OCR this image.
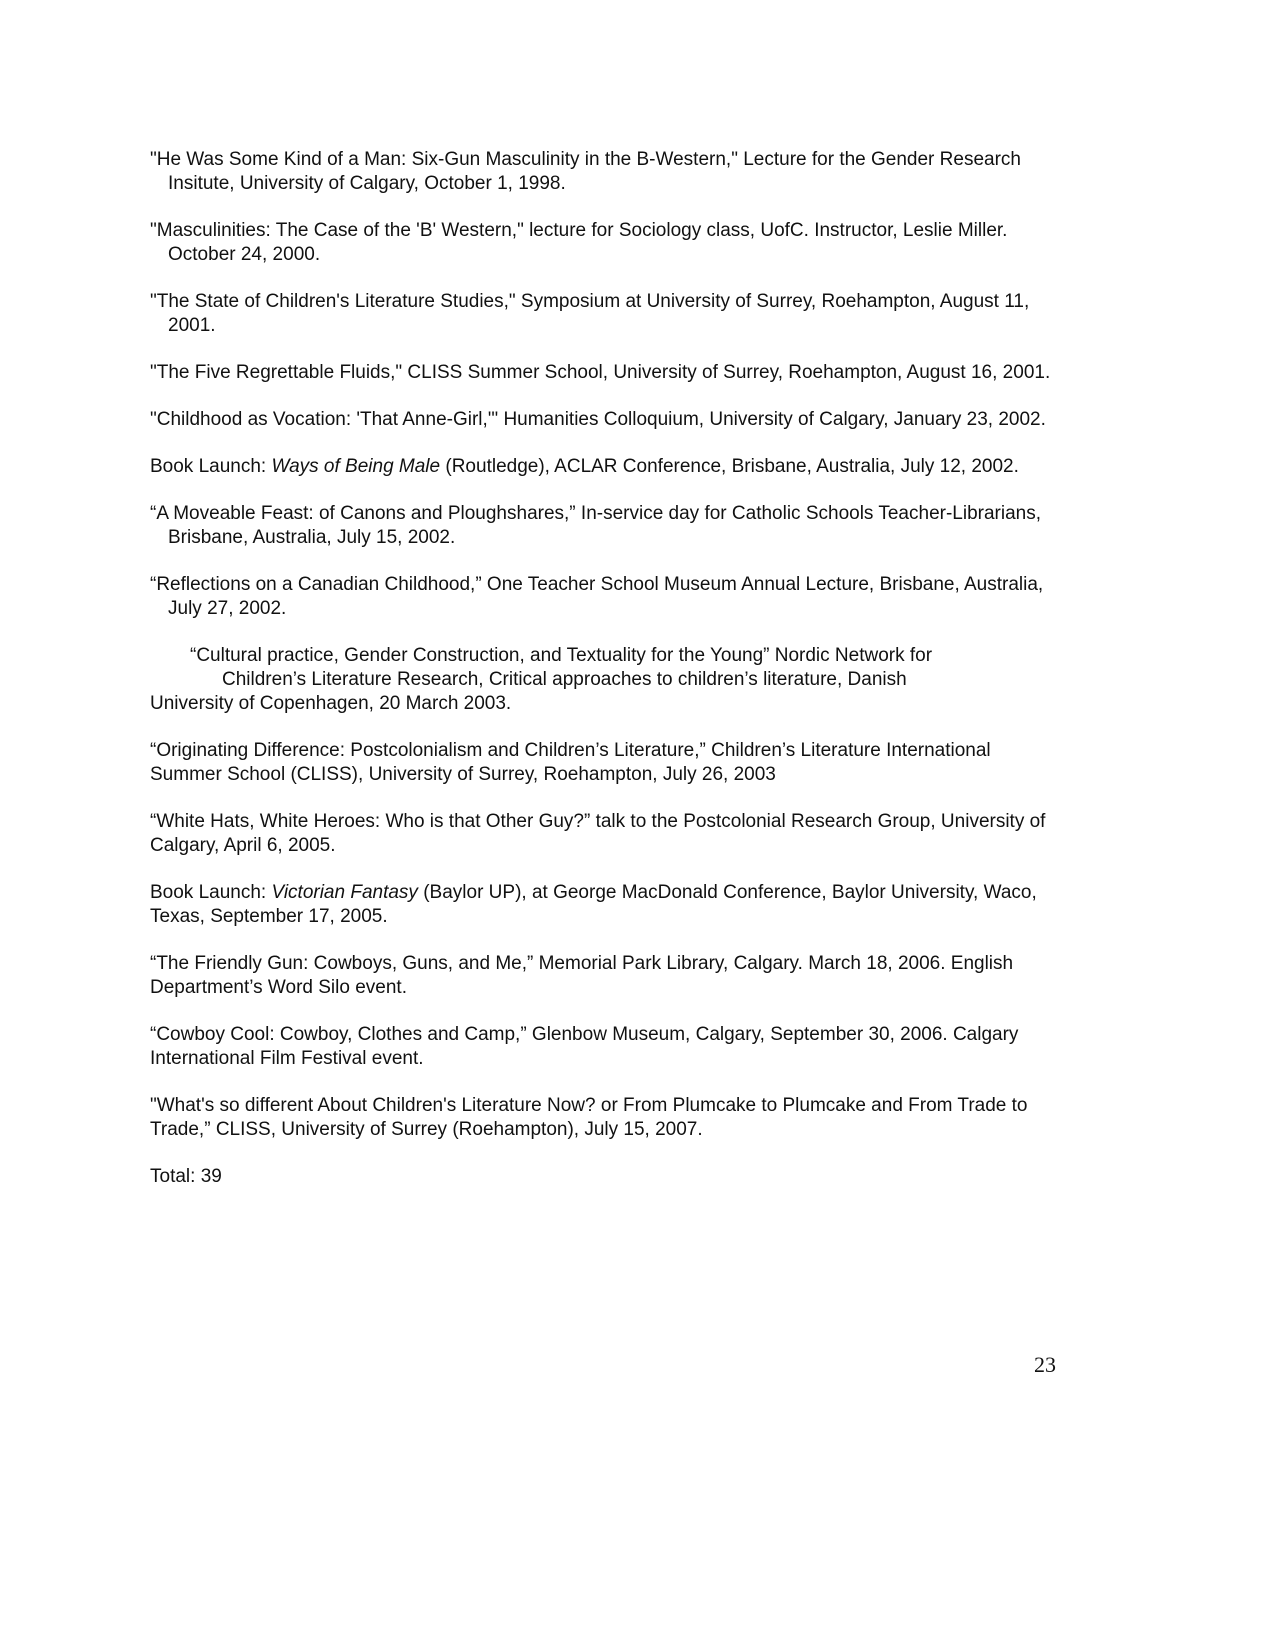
"He Was Some Kind of a Man: Six-Gun Masculinity in the B-Western," Lecture for the Gender Research Insitute, University of Calgary, October 1, 1998.

"Masculinities: The Case of the 'B' Western," lecture for Sociology class, UofC. Instructor, Leslie Miller. October 24, 2000.

"The State of Children's Literature Studies," Symposium at University of Surrey, Roehampton, August 11, 2001.

"The Five Regrettable Fluids," CLISS Summer School, University of Surrey, Roehampton, August 16, 2001.

"Childhood as Vocation: 'That Anne-Girl,'" Humanities Colloquium, University of Calgary, January 23, 2002.

Book Launch: Ways of Being Male (Routledge), ACLAR Conference, Brisbane, Australia, July 12, 2002.

“A Moveable Feast: of Canons and Ploughshares,” In-service day for Catholic Schools Teacher-Librarians, Brisbane, Australia, July 15, 2002.

“Reflections on a Canadian Childhood,” One Teacher School Museum Annual Lecture, Brisbane, Australia, July 27, 2002.

“Cultural practice, Gender Construction, and Textuality for the Young” Nordic Network for
Children’s Literature Research, Critical approaches to children’s literature, Danish
University of Copenhagen, 20 March 2003.

“Originating Difference: Postcolonialism and Children’s Literature,” Children’s Literature International Summer School (CLISS), University of Surrey, Roehampton, July 26, 2003

“White Hats, White Heroes: Who is that Other Guy?” talk to the Postcolonial Research Group, University of Calgary, April 6, 2005.

Book Launch: Victorian Fantasy (Baylor UP), at George MacDonald Conference, Baylor University, Waco, Texas, September 17, 2005.

“The Friendly Gun: Cowboys, Guns, and Me,” Memorial Park Library, Calgary. March 18, 2006. English Department’s Word Silo event.

“Cowboy Cool: Cowboy, Clothes and Camp,” Glenbow Museum, Calgary, September 30, 2006. Calgary International Film Festival event.

"What's so different About Children's Literature Now? or From Plumcake to Plumcake and From Trade to Trade,” CLISS, University of Surrey (Roehampton), July 15, 2007.

Total: 39

23
